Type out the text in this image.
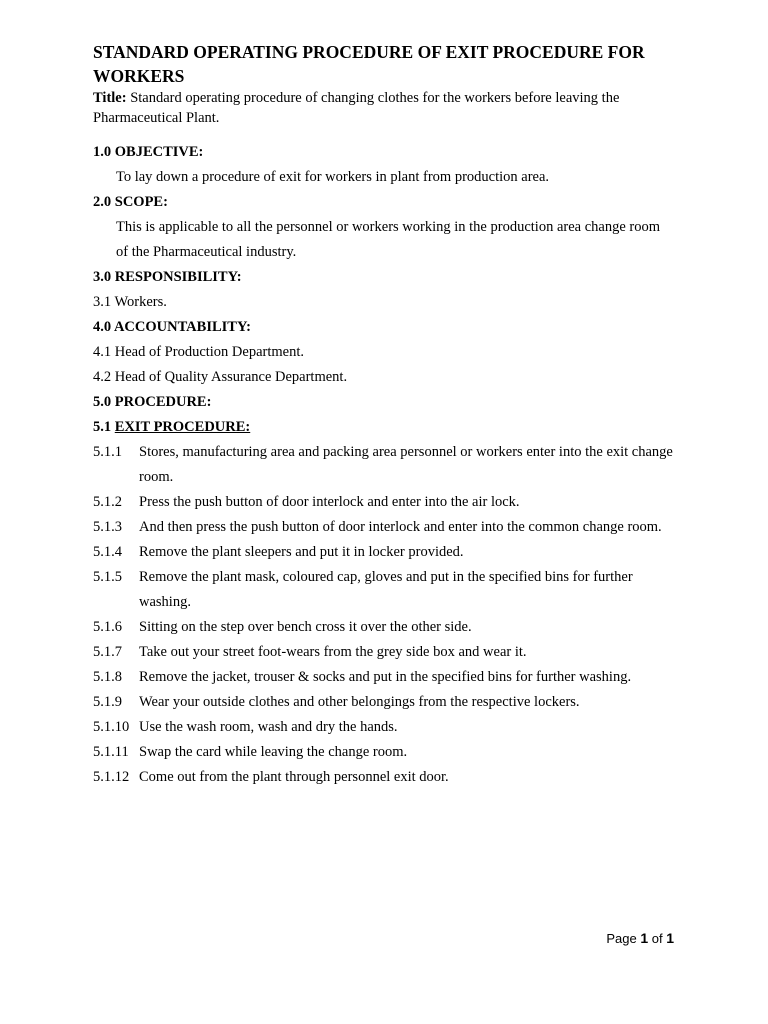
STANDARD OPERATING PROCEDURE OF EXIT PROCEDURE FOR WORKERS

Title: Standard operating procedure of changing clothes for the workers before leaving the Pharmaceutical Plant.

1.0 OBJECTIVE:

To lay down a procedure of exit for workers in plant from production area.

2.0 SCOPE:

This is applicable to all the personnel or workers working in the production area change room of the Pharmaceutical industry.

3.0 RESPONSIBILITY:

3.1 Workers.

4.0 ACCOUNTABILITY:

4.1 Head of Production Department.

4.2 Head of Quality Assurance Department.

5.0 PROCEDURE:

5.1 EXIT PROCEDURE:

5.1.1	Stores, manufacturing area and packing area personnel or workers enter into the exit change room.
5.1.2	Press the push button of door interlock and enter into the air lock.
5.1.3	And then press the push button of door interlock and enter into the common change room.
5.1.4	Remove the plant sleepers and put it in locker provided.
5.1.5	Remove the plant mask, coloured cap, gloves and put in the specified bins for further washing.
5.1.6	Sitting on the step over bench cross it over the other side.
5.1.7	Take out your street foot-wears from the grey side box and wear it.
5.1.8	Remove the jacket, trouser & socks and put in the specified bins for further washing.
5.1.9	Wear your outside clothes and other belongings from the respective lockers.
5.1.10 Use the wash room, wash and dry the hands.
5.1.11 Swap the card while leaving the change room.
5.1.12 Come out from the plant through personnel exit door.
Page 1 of 1
